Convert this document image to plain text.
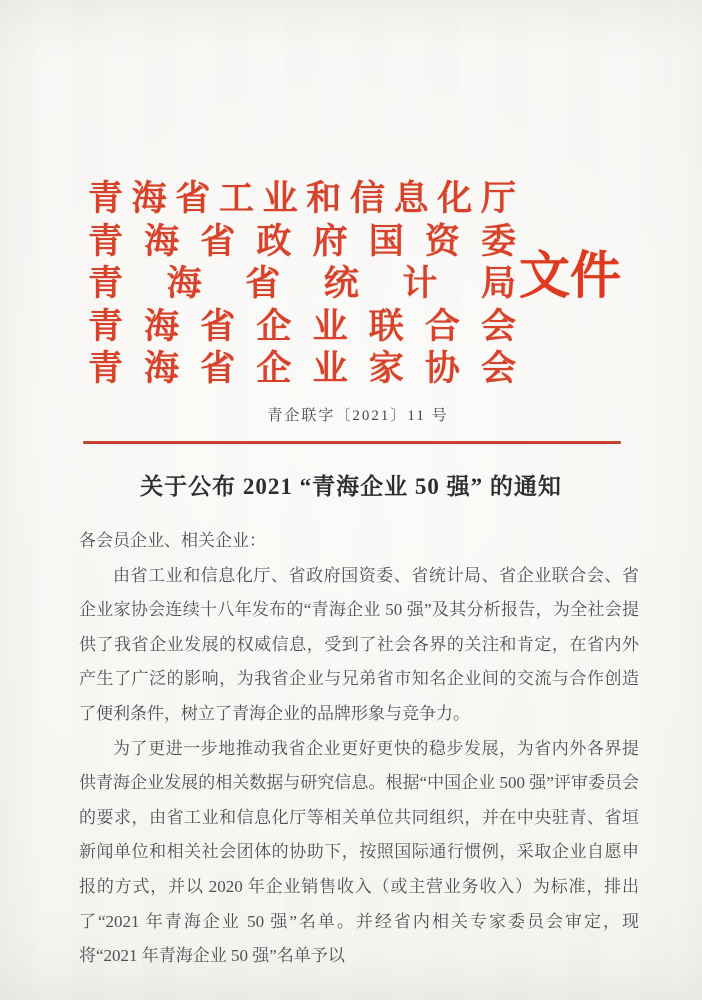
青 海 省 工 业 和 信 息 化 厅
青 海 省 政 府 国 资 委
青 海 省 统 计 局
青 海 省 企 业 联 合 会
青 海 省 企 业 家 协 会
文 件
青企联字〔2021〕11 号
关于公布 2021 “青海企业 50 强” 的通知

各会员企业、相关企业：

由省工业和信息化厅、省政府国资委、省统计局、省企业联合会、省企业家协会连续十八年发布的“青海企业 50 强”及其分析报告，为全社会提供了我省企业发展的权威信息，受到了社会各界的关注和肯定，在省内外产生了广泛的影响，为我省企业与兄弟省市知名企业间的交流与合作创造了便利条件，树立了青海企业的品牌形象与竞争力。

为了更进一步地推动我省企业更好更快的稳步发展，为省内外各界提供青海企业发展的相关数据与研究信息。根据“中国企业 500 强”评审委员会的要求，由省工业和信息化厅等相关单位共同组织，并在中央驻青、省垣新闻单位和相关社会团体的协助下，按照国际通行惯例，采取企业自愿申报的方式，并以 2020 年企业销售收入（或主营业务收入）为标准，排出了“2021 年青海企业 50 强”名单。并经省内相关专家委员会审定，现将“2021 年青海企业 50 强”名单予以
